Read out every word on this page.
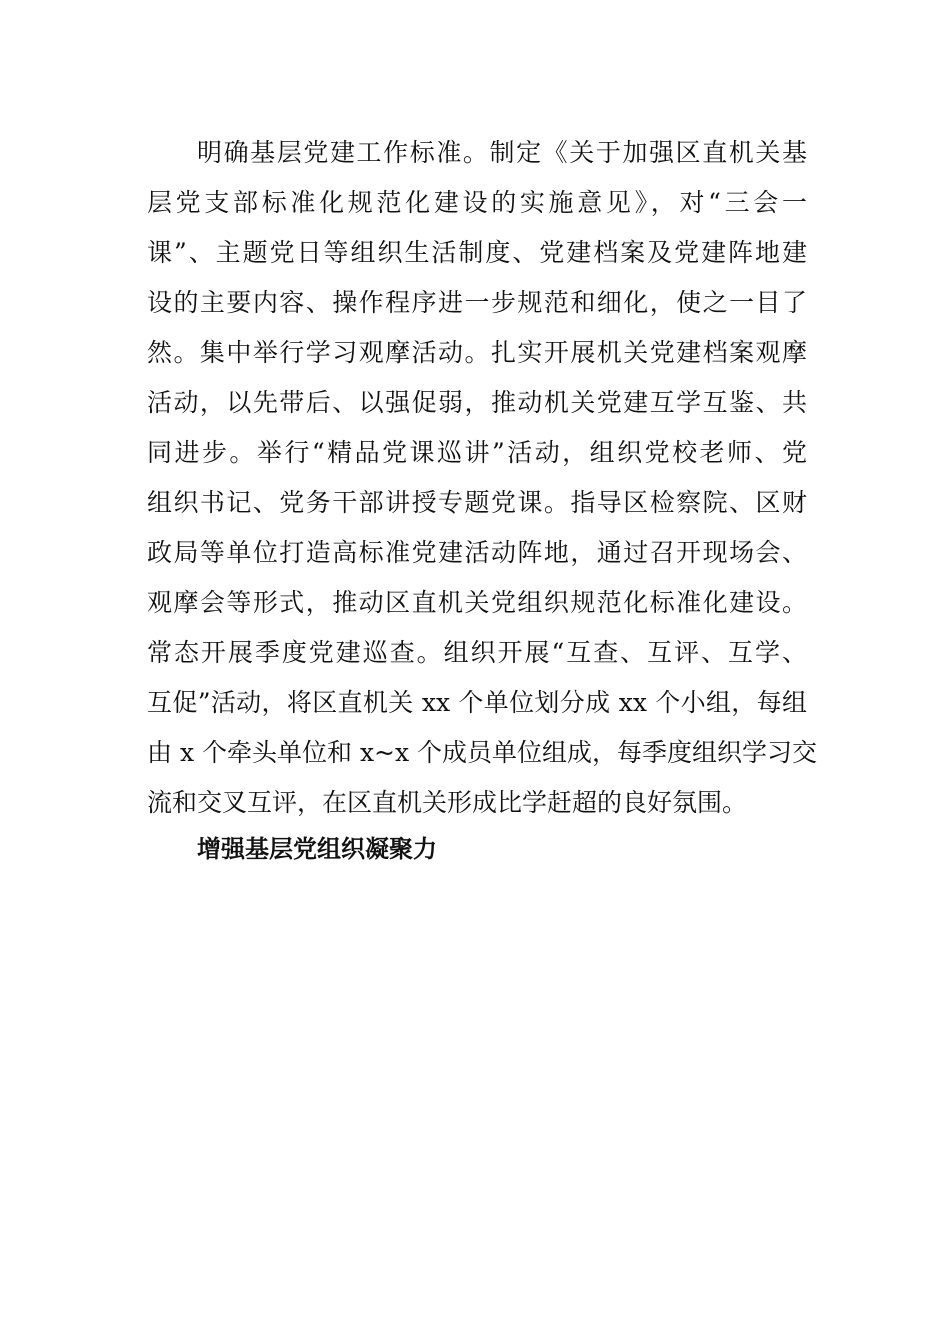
明确基层党建工作标准。制定《关于加强区直机关基
层党支部标准化规范化建设的实施意见》，对“三会一
课”、主题党日等组织生活制度、党建档案及党建阵地建
设的主要内容、操作程序进一步规范和细化，使之一目了
然。集中举行学习观摩活动。扎实开展机关党建档案观摩
活动，以先带后、以强促弱，推动机关党建互学互鉴、共
同进步。举行“精品党课巡讲”活动，组织党校老师、党
组织书记、党务干部讲授专题党课。指导区检察院、区财
政局等单位打造高标准党建活动阵地，通过召开现场会、
观摩会等形式，推动区直机关党组织规范化标准化建设。
常态开展季度党建巡查。组织开展“互查、互评、互学、
互促”活动，将区直机关 xx 个单位划分成 xx 个小组，每组
由 x 个牵头单位和 x~x 个成员单位组成，每季度组织学习交
流和交叉互评，在区直机关形成比学赶超的良好氛围。
增强基层党组织凝聚力
